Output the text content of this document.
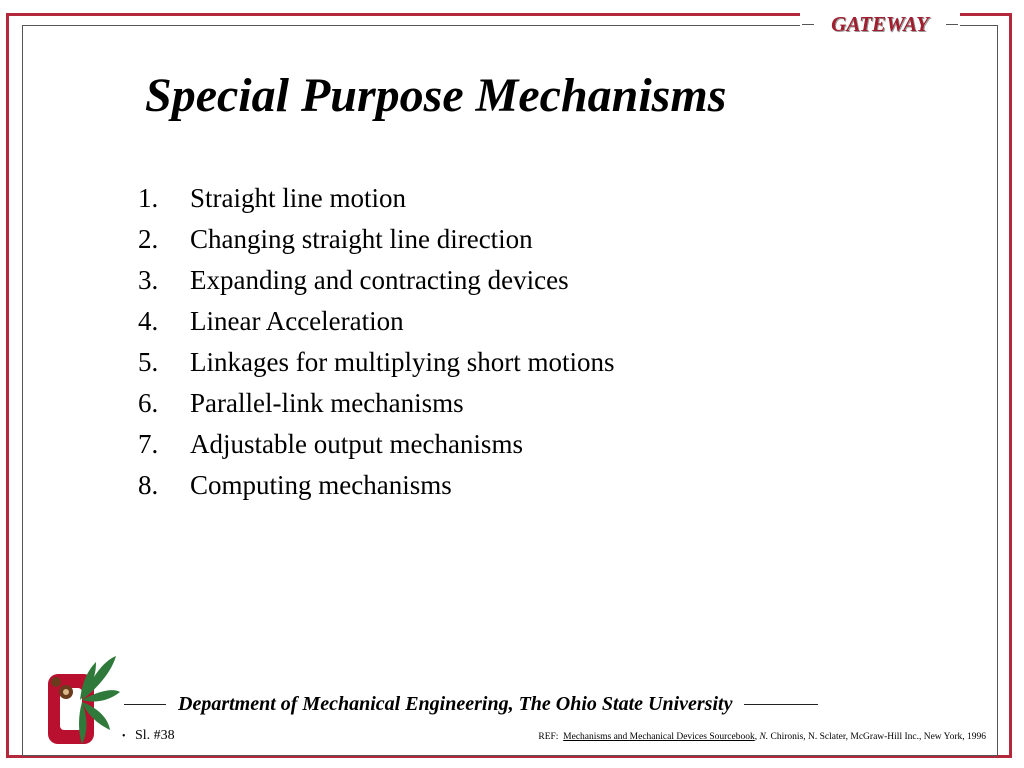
GATEWAY
Special Purpose Mechanisms
1.	Straight line motion
2.	Changing straight line direction
3.	Expanding and contracting devices
4.	Linear Acceleration
5.	Linkages for multiplying short motions
6.	Parallel-link mechanisms
7.	Adjustable output mechanisms
8.	Computing mechanisms
Department of Mechanical Engineering, The Ohio State University
• Sl. #38	REF: Mechanisms and Mechanical Devices Sourcebook, N. Chironis, N. Sclater, McGraw-Hill Inc., New York, 1996
